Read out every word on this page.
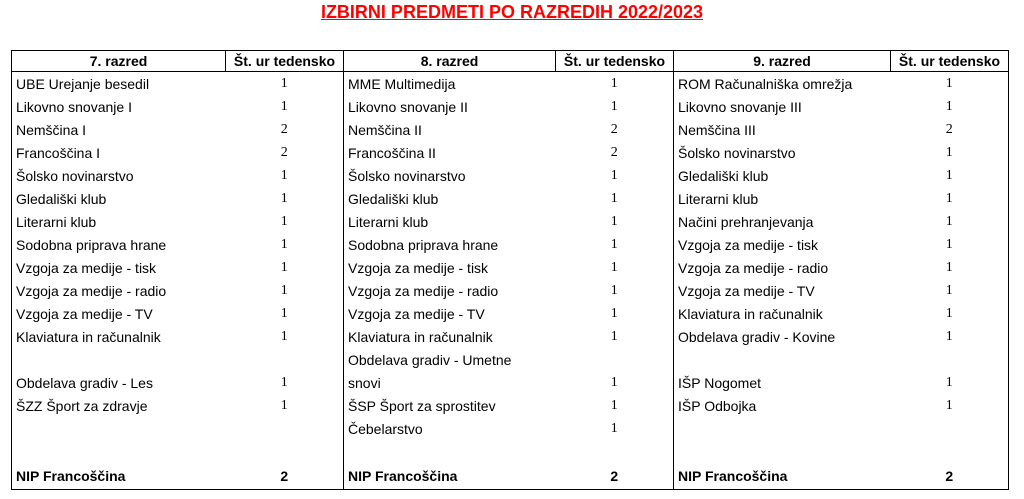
IZBIRNI PREDMETI PO RAZREDIH 2022/2023
7. razred	Št. ur tedensko	8. razred	Št. ur tedensko	9. razred	Št. ur tedensko
UBE Urejanje besedil	1	MME Multimedija	1	ROM Računalniška omrežja	1
Likovno snovanje I	1	Likovno snovanje II	1	Likovno snovanje III	1
Nemščina I	2	Nemščina II	2	Nemščina III	2
Francoščina I	2	Francoščina II	2	Šolsko novinarstvo	1
Šolsko novinarstvo	1	Šolsko novinarstvo	1	Gledališki klub	1
Gledališki klub	1	Gledališki klub	1	Literarni klub	1
Literarni klub	1	Literarni klub	1	Načini prehranjevanja	1
Sodobna priprava hrane	1	Sodobna priprava hrane	1	Vzgoja za medije - tisk	1
Vzgoja za medije - tisk	1	Vzgoja za medije - tisk	1	Vzgoja za medije - radio	1
Vzgoja za medije - radio	1	Vzgoja za medije - radio	1	Vzgoja za medije - TV	1
Vzgoja za medije - TV	1	Vzgoja za medije - TV	1	Klaviatura in računalnik	1
Klaviatura in računalnik	1	Klaviatura in računalnik	1	Obdelava gradiv - Kovine	1
		Obdelava gradiv - Umetne			
Obdelava gradiv - Les	1	snovi	1	IŠP Nogomet	1
ŠZZ Šport za zdravje	1	ŠSP Šport za sprostitev	1	IŠP Odbojka	1
		Čebelarstvo	1		

NIP Francoščina	2	NIP Francoščina	2	NIP Francoščina	2
